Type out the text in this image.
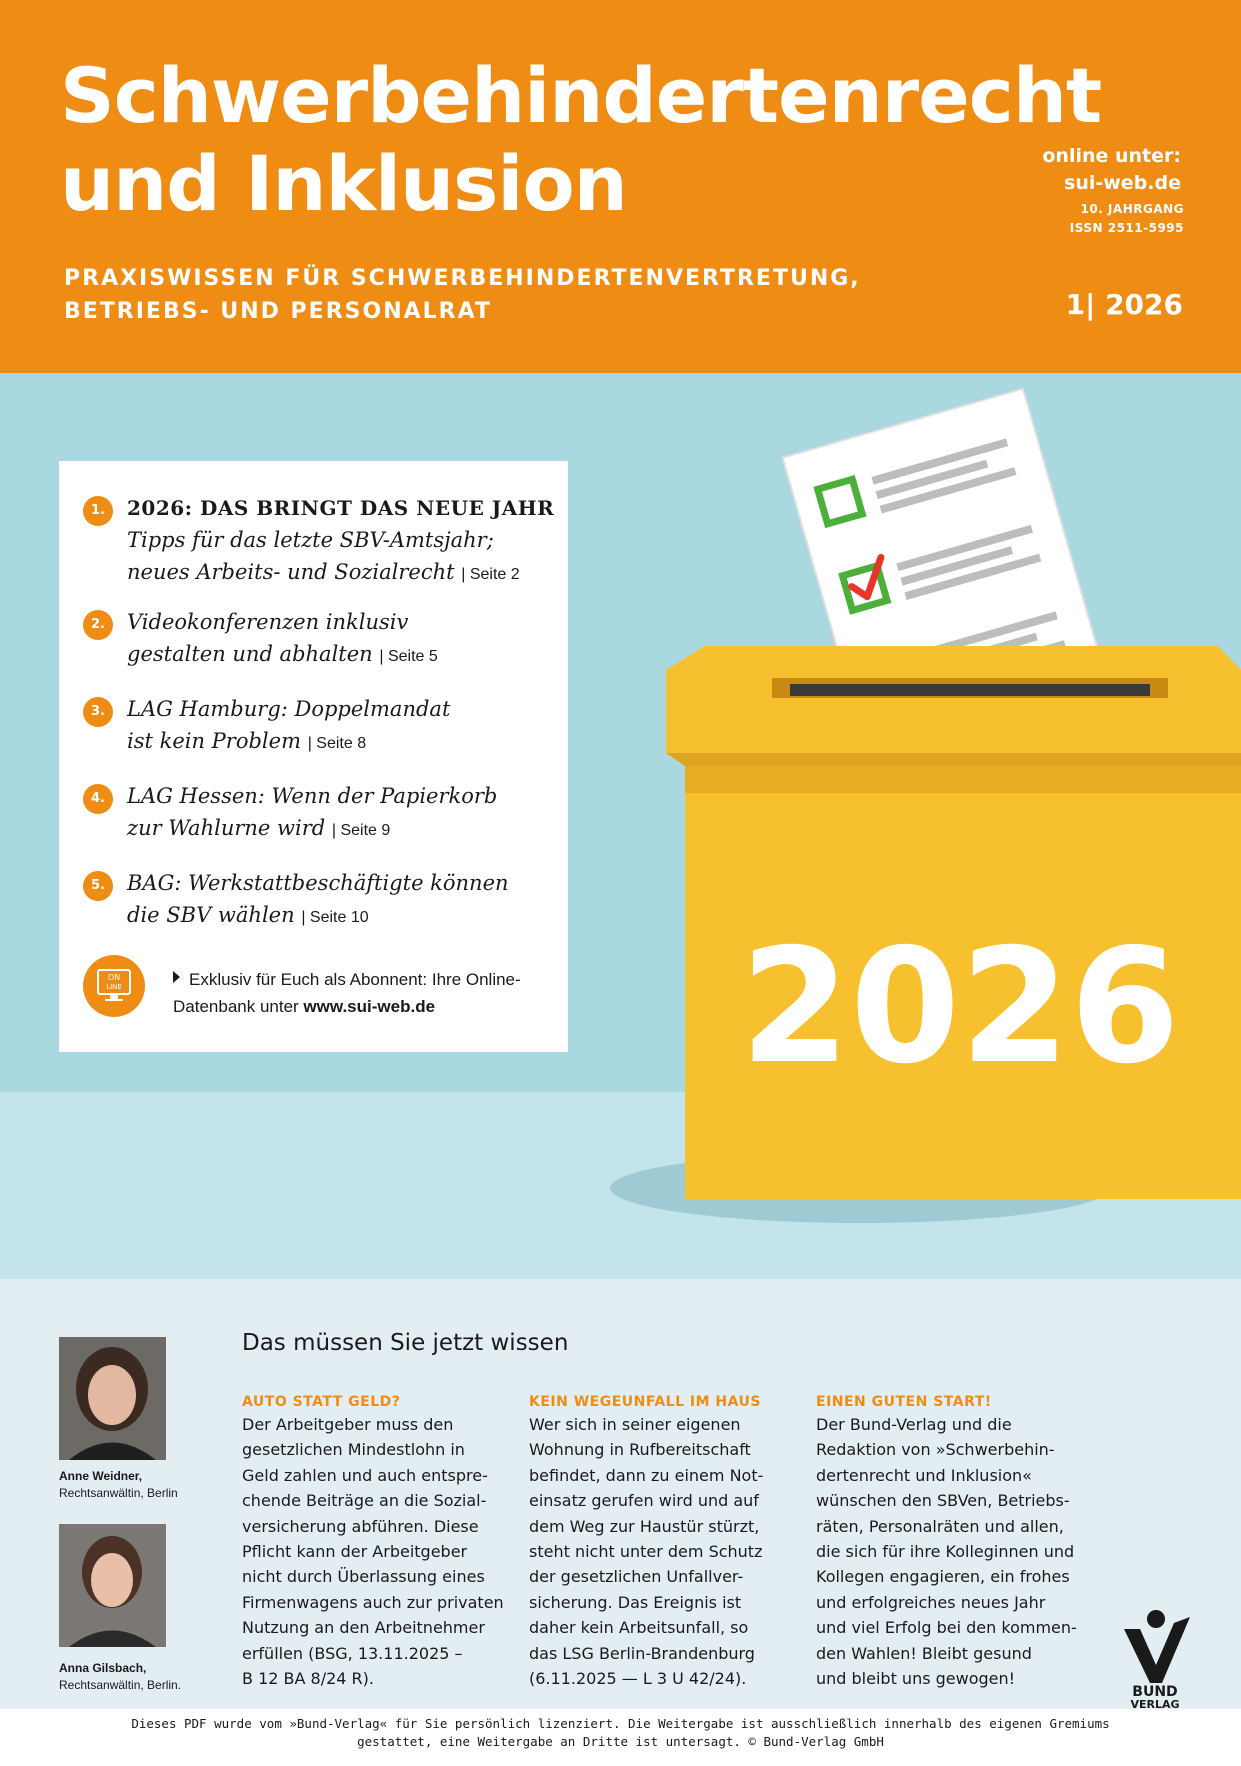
Schwerbehindertenrecht
und Inklusion
PRAXISWISSEN FÜR SCHWERBEHINDERTENVERTRETUNG,
BETRIEBS- UND PERSONALRAT
online unter:
sui-web.de
10. JAHRGANG
ISSN 2511-5995
1| 2026
2026
1.	2026: DAS BRINGT DAS NEUE JAHR
Tipps für das letzte SBV-Amtsjahr;
neues Arbeits- und Sozialrecht | Seite 2
2.	Videokonferenzen inklusiv
gestalten und abhalten | Seite 5
3.	LAG Hamburg: Doppelmandat
ist kein Problem | Seite 8
4.	LAG Hessen: Wenn der Papierkorb
zur Wahlurne wird | Seite 9
5.	BAG: Werkstattbeschäftigte können
die SBV wählen | Seite 10
ON
LINE	Exklusiv für Euch als Abonnent: Ihre Online-
Datenbank unter www.sui-web.de
Anne Weidner,
Rechtsanwältin, Berlin
Anna Gilsbach,
Rechtsanwältin, Berlin.
Das müssen Sie jetzt wissen
AUTO STATT GELD?

Der Arbeitgeber muss den

gesetzlichen Mindestlohn in

Geld zahlen und auch entspre-

chende Beiträge an die Sozial-

versicherung abführen. Diese

Pflicht kann der Arbeitgeber

nicht durch Überlassung eines

Firmenwagens auch zur privaten

Nutzung an den Arbeitnehmer

erfüllen (BSG, 13.11.2025 –

B 12 BA 8/24 R).

KEIN WEGEUNFALL IM HAUS

Wer sich in seiner eigenen

Wohnung in Rufbereitschaft

befindet, dann zu einem Not-

einsatz gerufen wird und auf

dem Weg zur Haustür stürzt,

steht nicht unter dem Schutz

der gesetzlichen Unfallver-

sicherung. Das Ereignis ist

daher kein Arbeitsunfall, so

das LSG Berlin-Brandenburg

(6.11.2025 — L 3 U 42/24).

EINEN GUTEN START!

Der Bund-Verlag und die

Redaktion von »Schwerbehin-

dertenrecht und Inklusion«

wünschen den SBVen, Betriebs-

räten, Personalräten und allen,

die sich für ihre Kolleginnen und

Kollegen engagieren, ein frohes

und erfolgreiches neues Jahr

und viel Erfolg bei den kommen-

den Wahlen! Bleibt gesund

und bleibt uns gewogen!

BUND
VERLAG
Dieses PDF wurde vom »Bund-Verlag« für Sie persönlich lizenziert. Die Weitergabe ist ausschließlich innerhalb des eigenen Gremiums
gestattet, eine Weitergabe an Dritte ist untersagt. © Bund-Verlag GmbH
